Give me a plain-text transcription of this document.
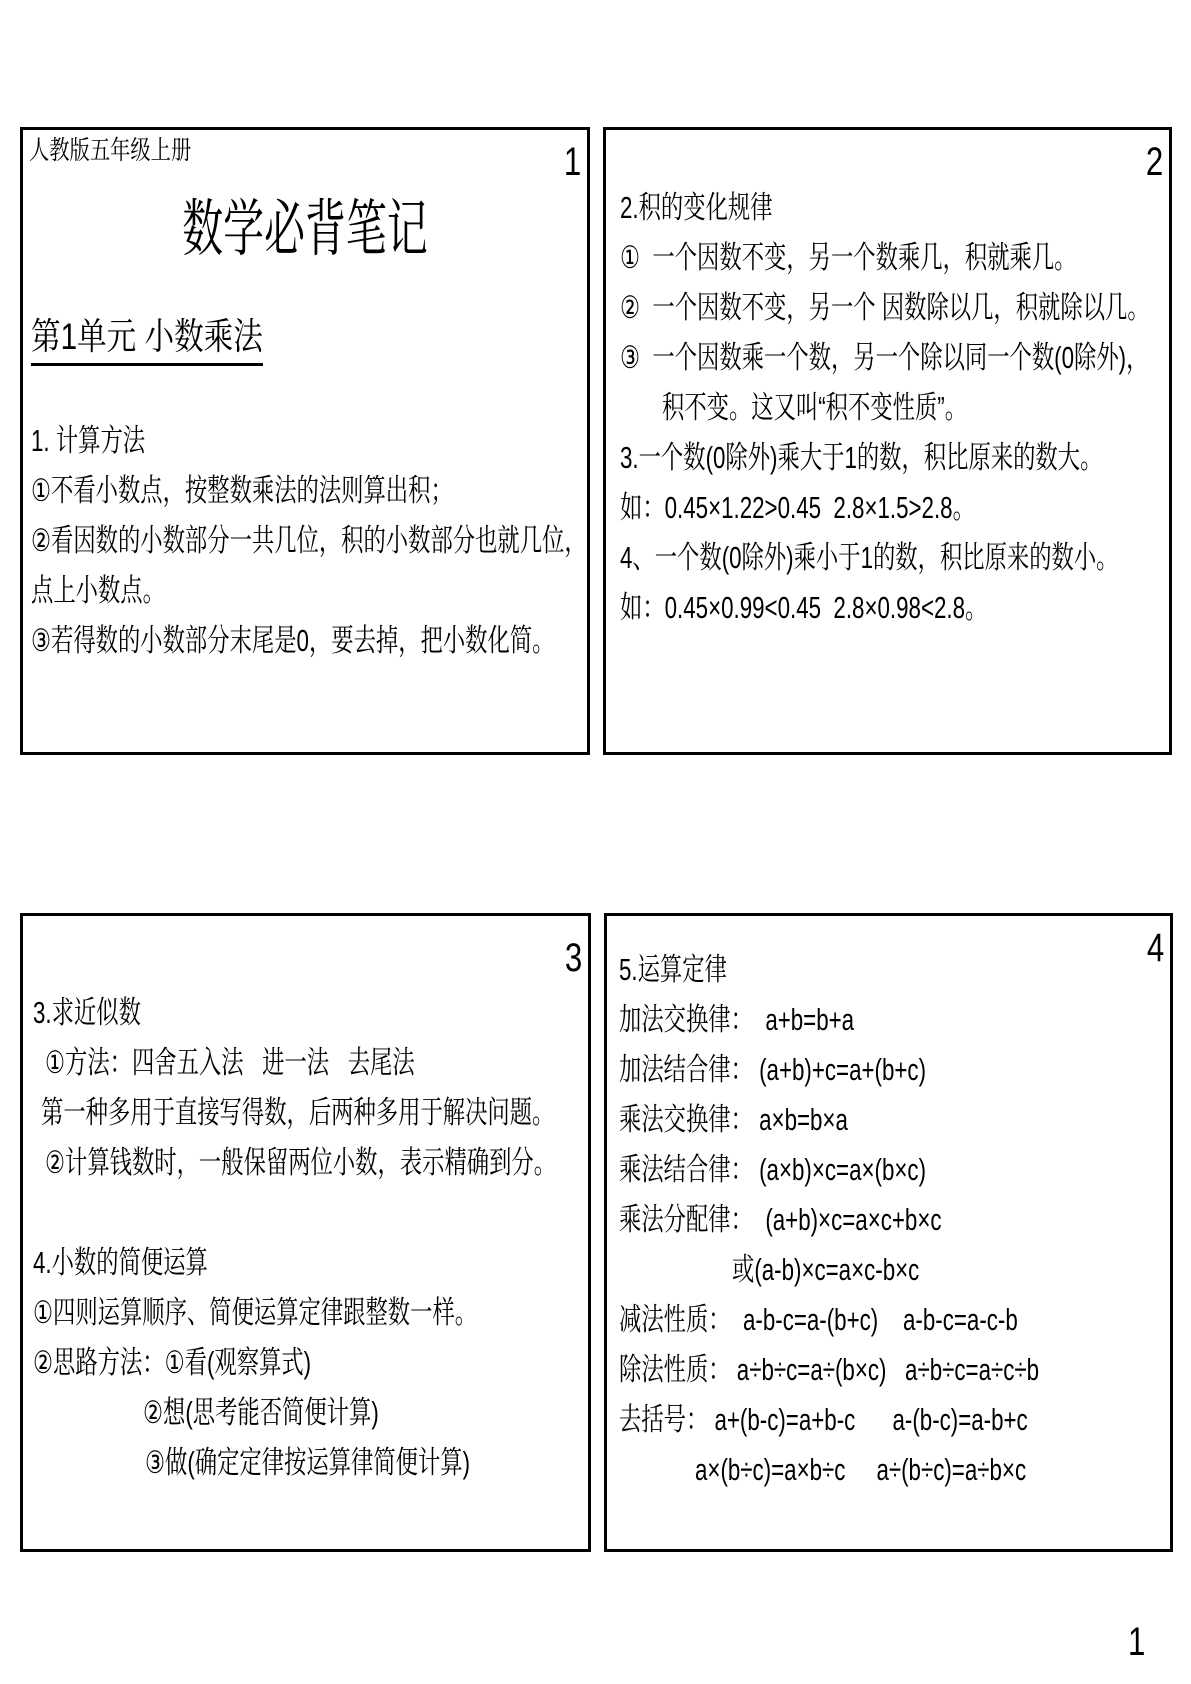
1
人教版五年级上册
数学必背笔记
第1单元 小数乘法
1. 计算方法
①不看小数点，按整数乘法的法则算出积；
②看因数的小数部分一共几位，积的小数部分也就几位，
点上小数点。
③若得数的小数部分末尾是0，要去掉，把小数化简。
2
2.积的变化规律
①  一个因数不变，另一个数乘几，积就乘几。
②  一个因数不变，另一个 因数除以几，积就除以几。
③  一个因数乘一个数，另一个除以同一个数(0除外)，
积不变。这又叫“积不变性质”。
3.一个数(0除外)乘大于1的数，积比原来的数大。
如：0.45×1.22>0.45  2.8×1.5>2.8。
4、一个数(0除外)乘小于1的数，积比原来的数小。
如：0.45×0.99<0.45  2.8×0.98<2.8。
3
3.求近似数
①方法：四舍五入法   进一法   去尾法
第一种多用于直接写得数，后两种多用于解决问题。
②计算钱数时，一般保留两位小数，表示精确到分。
4.小数的简便运算
①四则运算顺序、简便运算定律跟整数一样。
②思路方法：①看(观察算式)
②想(思考能否简便计算)
③做(确定定律按运算律简便计算)
4
5.运算定律
加法交换律：  a+b=b+a
加法结合律： (a+b)+c=a+(b+c)
乘法交换律： a×b=b×a
乘法结合律： (a×b)×c=a×(b×c)
乘法分配律：  (a+b)×c=a×c+b×c
或(a-b)×c=a×c-b×c
减法性质：  a-b-c=a-(b+c)    a-b-c=a-c-b
除法性质： a÷b÷c=a÷(b×c)   a÷b÷c=a÷c÷b
去括号： a+(b-c)=a+b-c      a-(b-c)=a-b+c
a×(b÷c)=a×b÷c     a÷(b÷c)=a÷b×c
1
